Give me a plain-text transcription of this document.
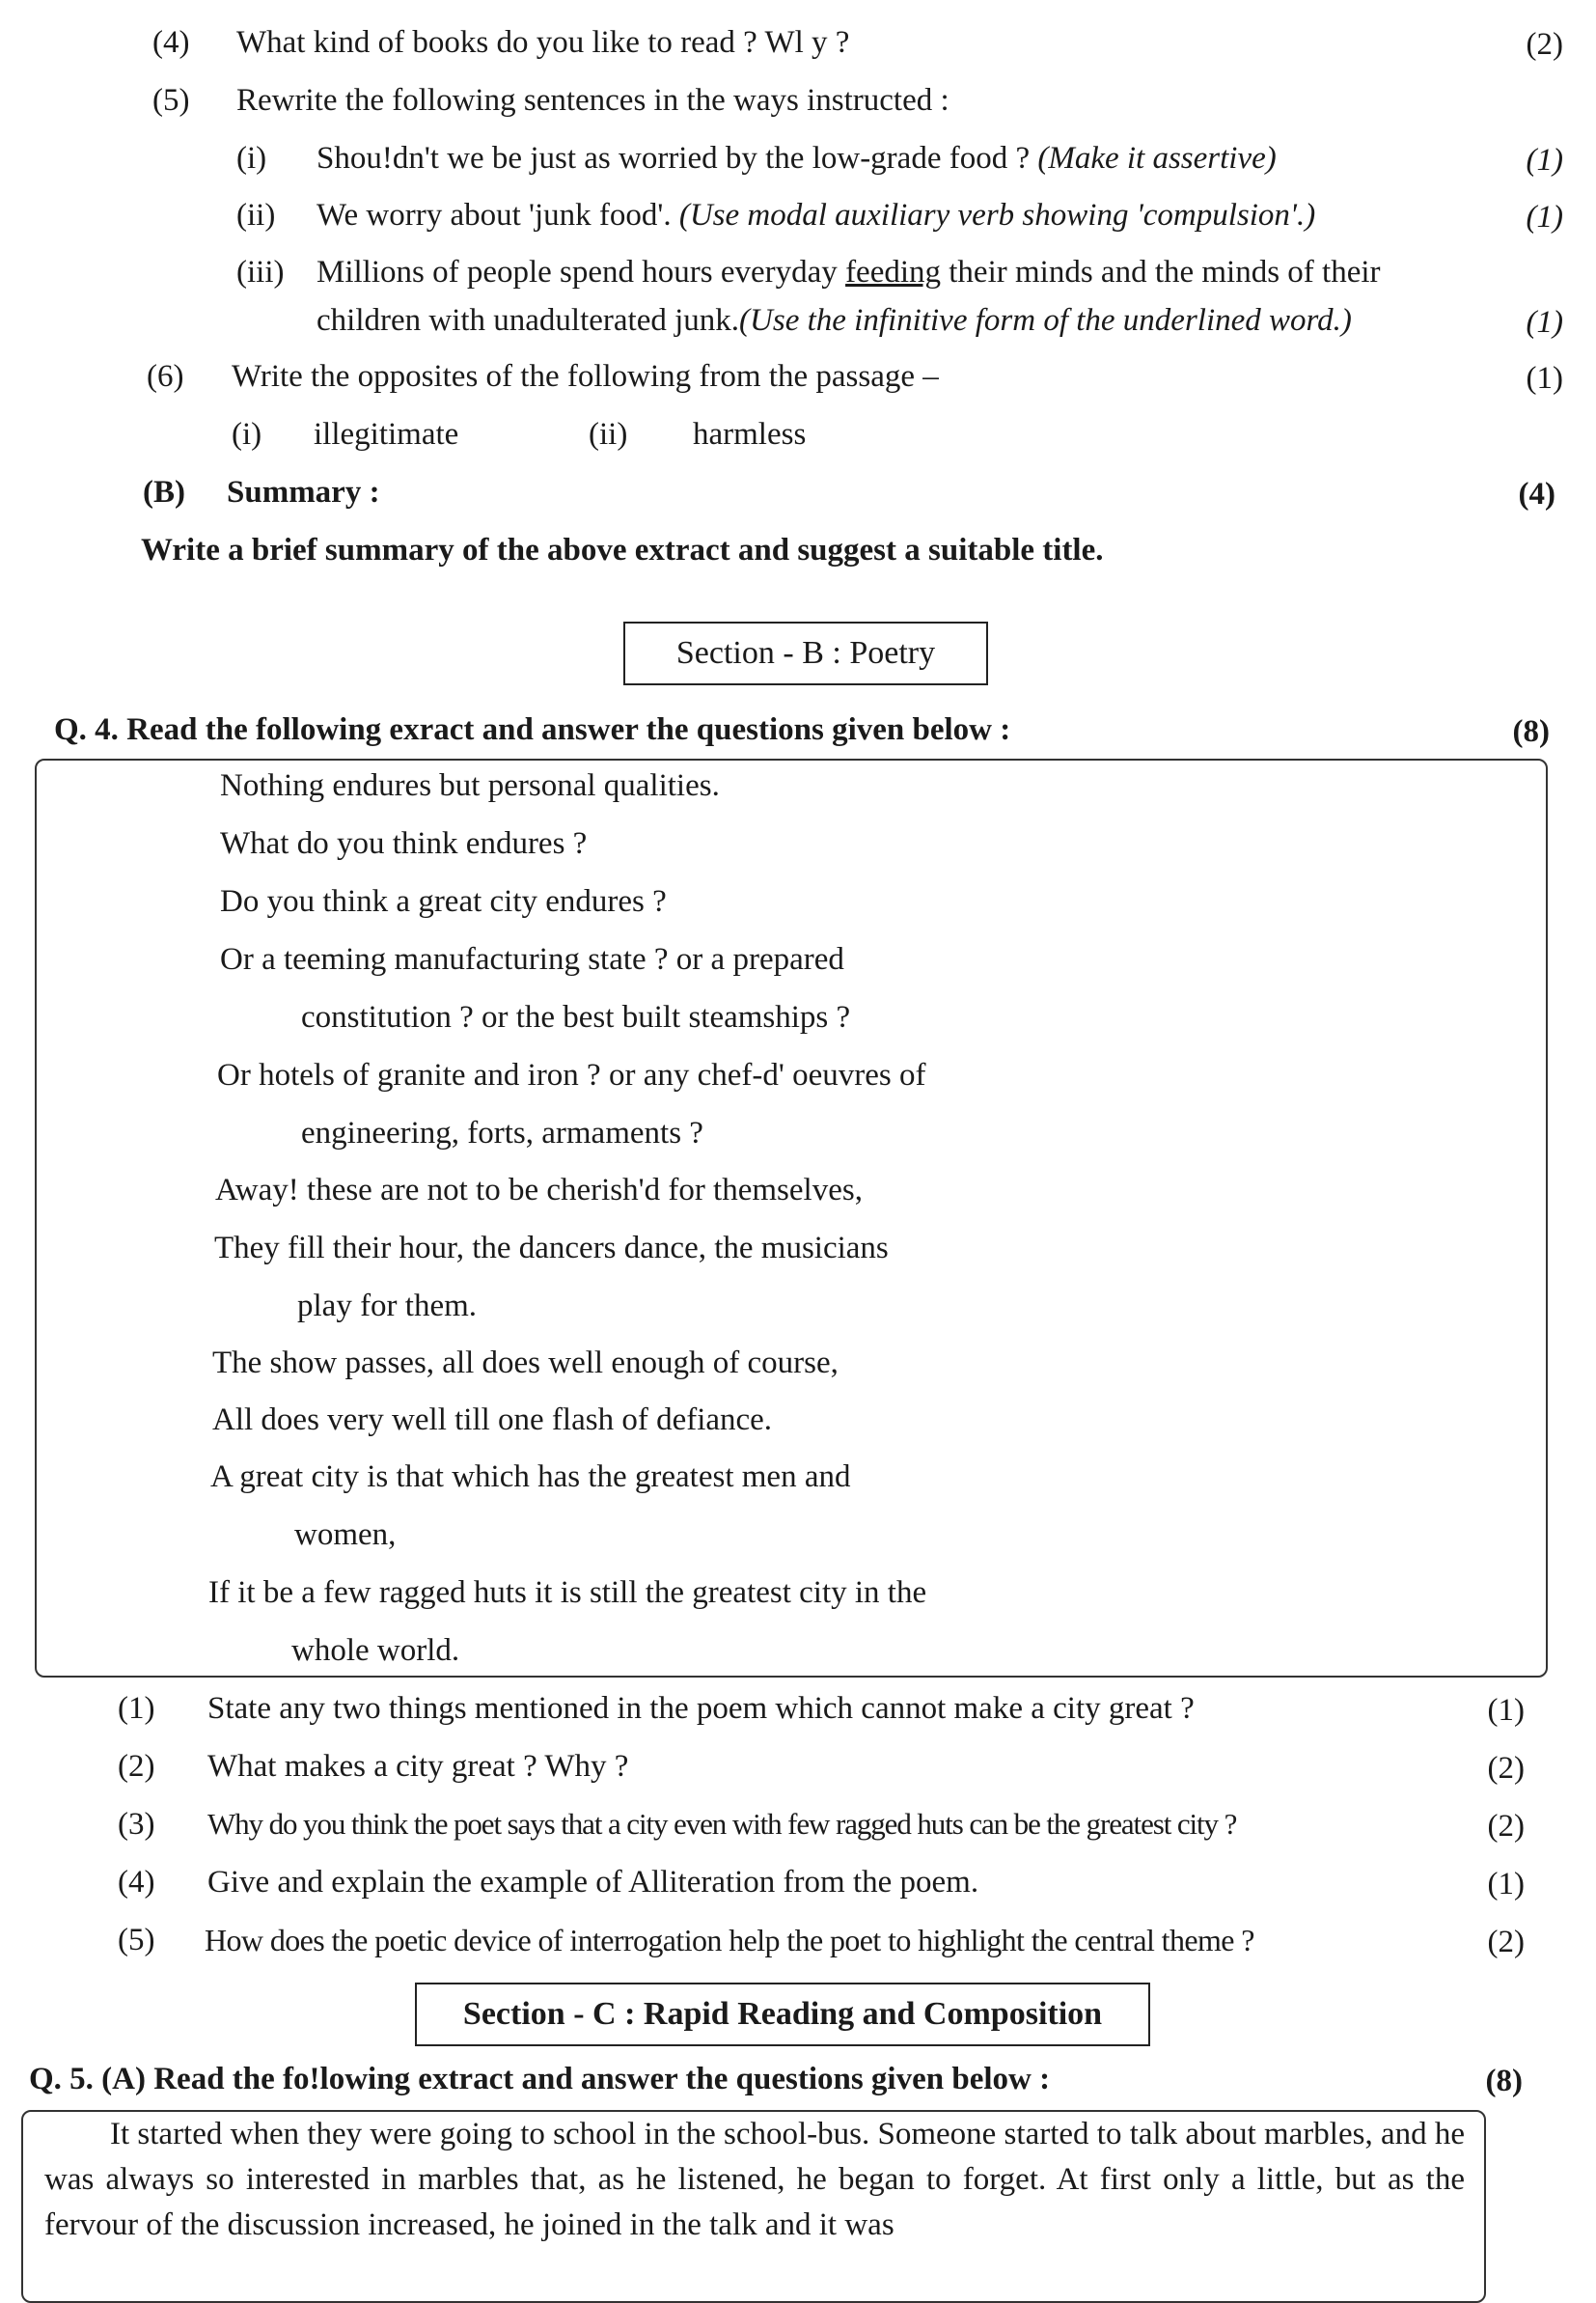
(4) What kind of books do you like to read ? Wl y ?	(2)
(5) Rewrite the following sentences in the ways instructed :
(i) Shou!dn't we be just as worried by the low-grade food ? (Make it assertive)	(1)
(ii) We worry about 'junk food'. (Use modal auxiliary verb showing 'compulsion'.)	(1)
(iii) Millions of people spend hours everyday feeding their minds and the minds of their
children with unadulterated junk.(Use the infinitive form of the underlined word.)	(1)
(6) Write the opposites of the following from the passage –	(1)
(i) illegitimate	(ii) harmless
(B) Summary :	(4)
Write a brief summary of the above extract and suggest a suitable title.
Section - B : Poetry
Q. 4. Read the following exract and answer the questions given below :	(8)
Nothing endures but personal qualities.
What do you think endures ?
Do you think a great city endures ?
Or a teeming manufacturing state ? or a prepared
constitution ? or the best built steamships ?
Or hotels of granite and iron ? or any chef-d' oeuvres of
engineering, forts, armaments ?
Away! these are not to be cherish'd for themselves,
They fill their hour, the dancers dance, the musicians
play for them.
The show passes, all does well enough of course,
All does very well till one flash of defiance.
A great city is that which has the greatest men and
women,
If it be a few ragged huts it is still the greatest city in the
whole world.
(1) State any two things mentioned in the poem which cannot make a city great ?	(1)
(2) What makes a city great ? Why ?	(2)
(3) Why do you think the poet says that a city even with few ragged huts can be the greatest city ?	(2)
(4) Give and explain the example of Alliteration from the poem.	(1)
(5) How does the poetic device of interrogation help the poet to highlight the central theme ?	(2)
Section - C : Rapid Reading and Composition
Q. 5. (A) Read the fo!lowing extract and answer the questions given below :	(8)
It started when they were going to school in the school-bus. Someone started to talk about marbles, and he was always so interested in marbles that, as he listened, he began to forget. At first only a little, but as the fervour of the discussion increased, he joined in the talk and it was
